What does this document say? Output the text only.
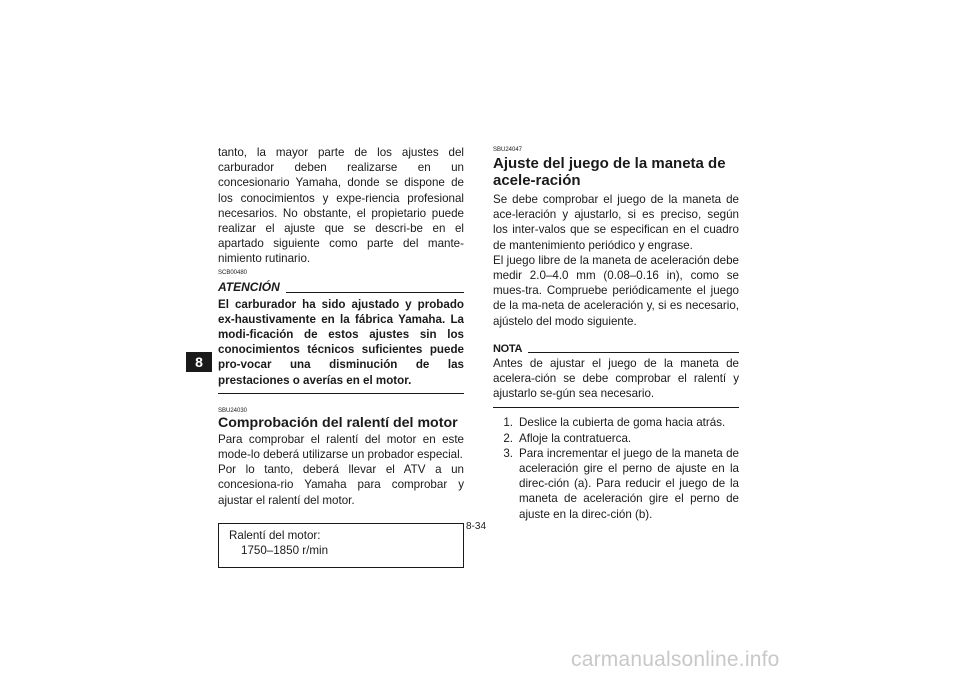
8

tanto, la mayor parte de los ajustes del carburador deben realizarse en un concesionario Yamaha, donde se dispone de los conocimientos y expe-riencia profesional necesarios. No obstante, el propietario puede realizar el ajuste que se descri-be en el apartado siguiente como parte del mante-nimiento rutinario.

SCB00480
ATENCIÓN

El carburador ha sido ajustado y probado ex-haustivamente en la fábrica Yamaha. La modi-ficación de estos ajustes sin los conocimientos técnicos suficientes puede pro-vocar una disminución de las prestaciones o averías en el motor.

SBU24030
Comprobación del ralentí del motor

Para comprobar el ralentí del motor en este mode-lo deberá utilizarse un probador especial.

Por lo tanto, deberá llevar el ATV a un concesiona-rio Yamaha para comprobar y ajustar el ralentí del motor.

Ralentí del motor:
1750–1850 r/min
SBU24047
Ajuste del juego de la maneta de acele-ración

Se debe comprobar el juego de la maneta de ace-leración y ajustarlo, si es preciso, según los inter-valos que se especifican en el cuadro de mantenimiento periódico y engrase.

El juego libre de la maneta de aceleración debe medir 2.0–4.0 mm (0.08–0.16 in), como se mues-tra. Compruebe periódicamente el juego de la ma-neta de aceleración y, si es necesario, ajústelo del modo siguiente.

NOTA

Antes de ajustar el juego de la maneta de acelera-ción se debe comprobar el ralentí y ajustarlo se-gún sea necesario.

1. Deslice la cubierta de goma hacia atrás.
2. Afloje la contratuerca.
3. Para incrementar el juego de la maneta de aceleración gire el perno de ajuste en la direc-ción (a). Para reducir el juego de la maneta de aceleración gire el perno de ajuste en la direc-ción (b).
8-34
carmanualsonline.info
